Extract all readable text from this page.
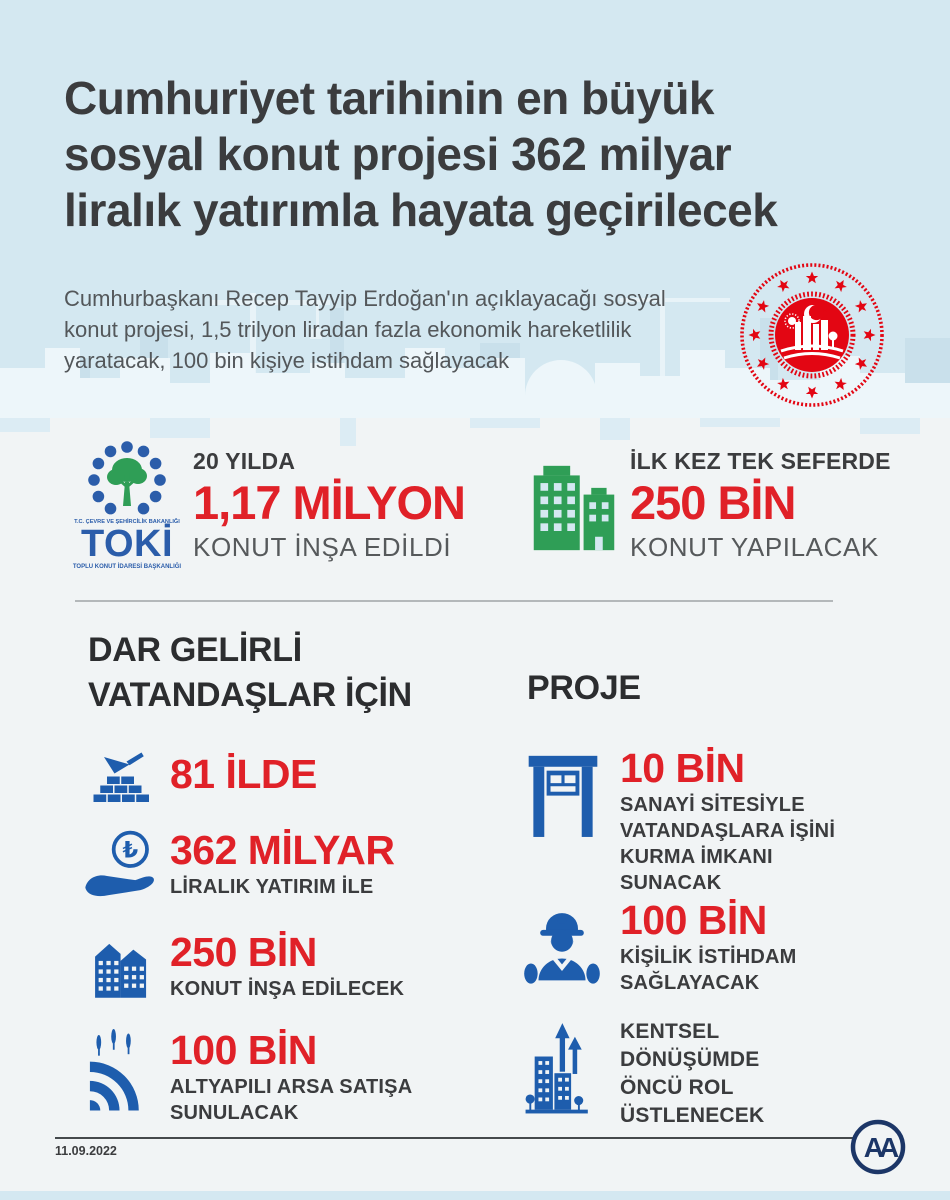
Cumhuriyet tarihinin en büyük
sosyal konut projesi 362 milyar
liralık yatırımla hayata geçirilecek
Cumhurbaşkanı Recep Tayyip Erdoğan'ın açıklayacağı sosyal konut projesi, 1,5 trilyon liradan fazla ekonomik hareketlilik yaratacak, 100 bin kişiye istihdam sağlayacak
T.C. ÇEVRE VE ŞEHİRCİLİK BAKANLIĞI
TOKİ
TOPLU KONUT İDARESİ BAŞKANLIĞI
20 YILDA
1,17 MİLYON
KONUT İNŞA EDİLDİ
İLK KEZ TEK SEFERDE
250 BİN
KONUT YAPILACAK
DAR GELİRLİ
VATANDAŞLAR İÇİN
81 İLDE
₺ 362 MİLYAR
LİRALIK YATIRIM İLE
250 BİN
KONUT İNŞA EDİLECEK
100 BİN
ALTYAPILI ARSA SATIŞA SUNULACAK
PROJE
10 BİN
SANAYİ SİTESİYLE VATANDAŞLARA İŞİNİ KURMA İMKANI SUNACAK
100 BİN
KİŞİLİK İSTİHDAM SAĞLAYACAK
KENTSEL DÖNÜŞÜMDE ÖNCÜ ROL ÜSTLENECEK
11.09.2022	AA
